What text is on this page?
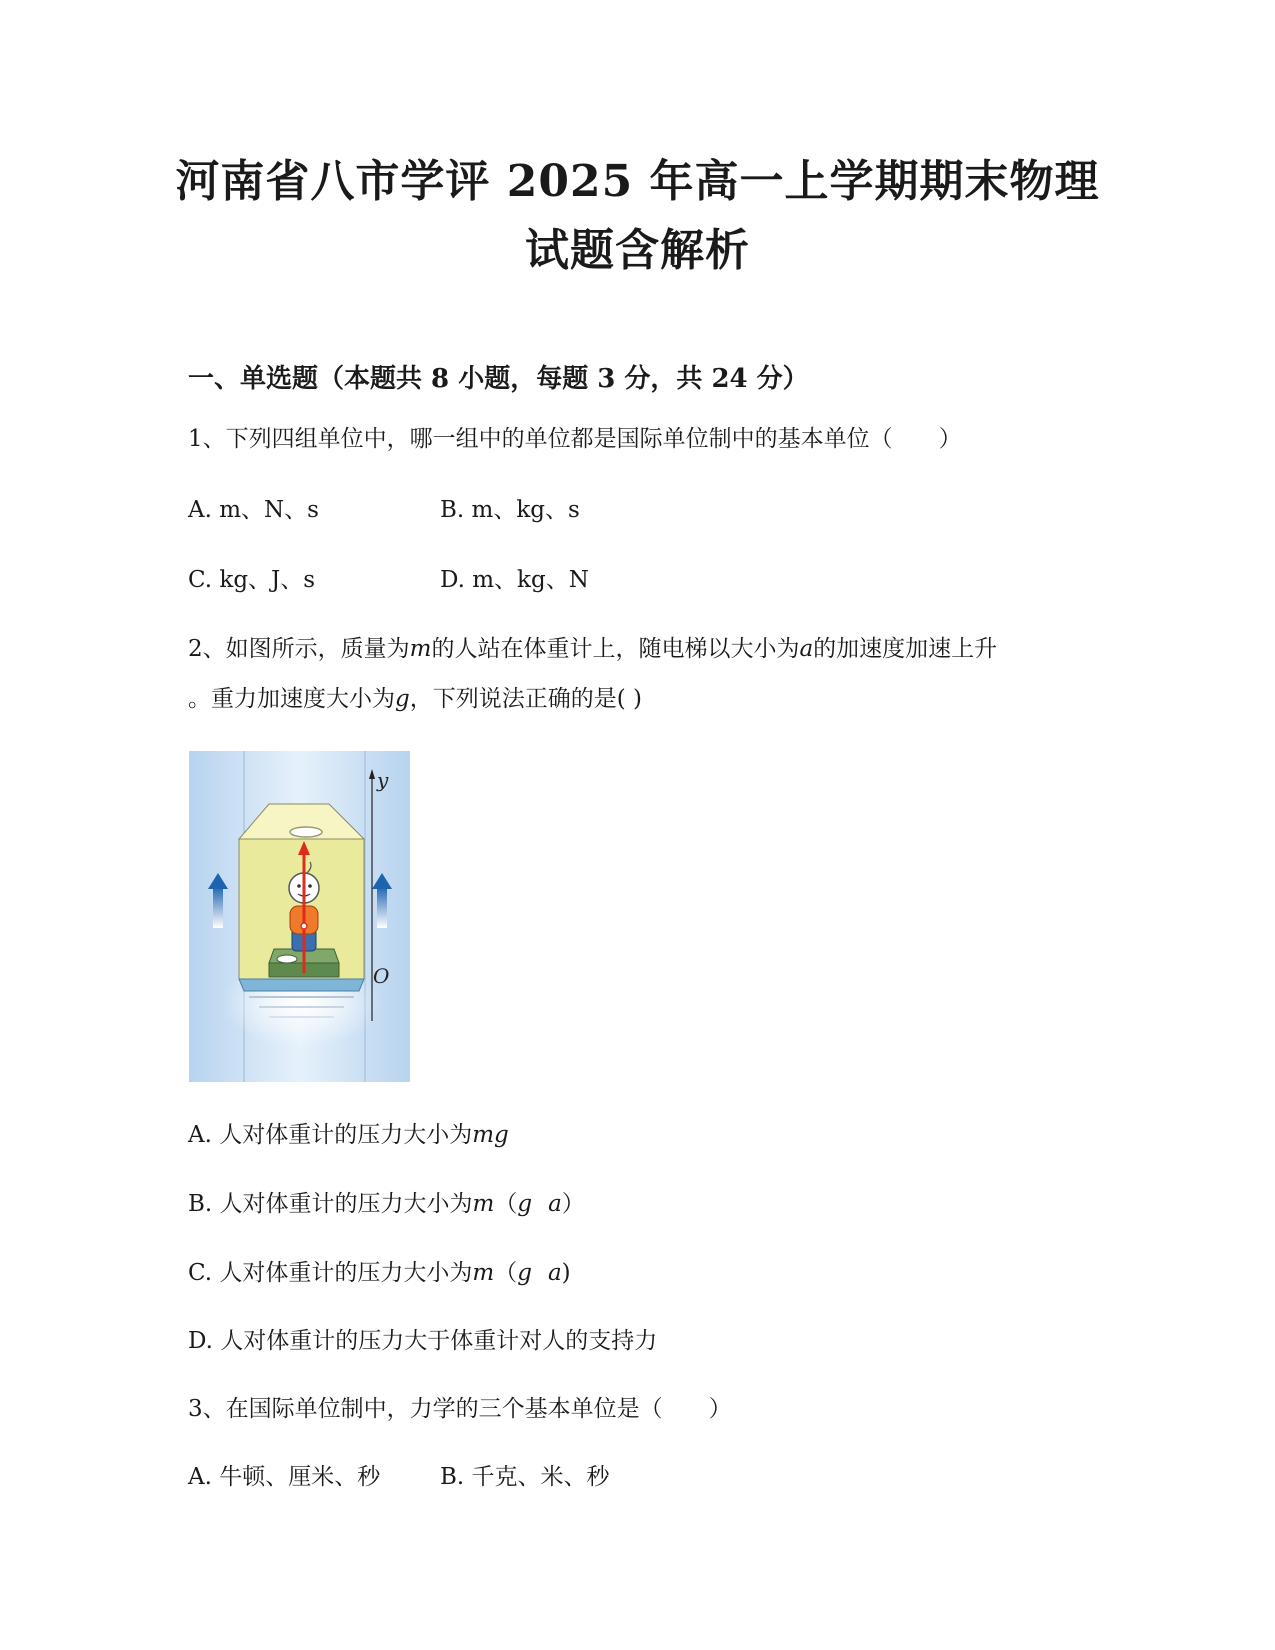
河南省八市学评 2025 年高一上学期期末物理
试题含解析
一、单选题（本题共 8 小题，每题 3 分，共 24 分）
1、下列四组单位中，哪一组中的单位都是国际单位制中的基本单位（　　）
A. m、N、s	B. m、kg、s
C. kg、J、s	D. m、kg、N
2、如图所示，质量为m的人站在体重计上，随电梯以大小为a的加速度加速上升
。重力加速度大小为g，下列说法正确的是( )
y
O
A. 人对体重计的压力大小为mg
B. 人对体重计的压力大小为m（g a）
C. 人对体重计的压力大小为m（g a)
D. 人对体重计的压力大于体重计对人的支持力
3、在国际单位制中，力学的三个基本单位是（　　）
A. 牛顿、厘米、秒	B. 千克、米、秒
